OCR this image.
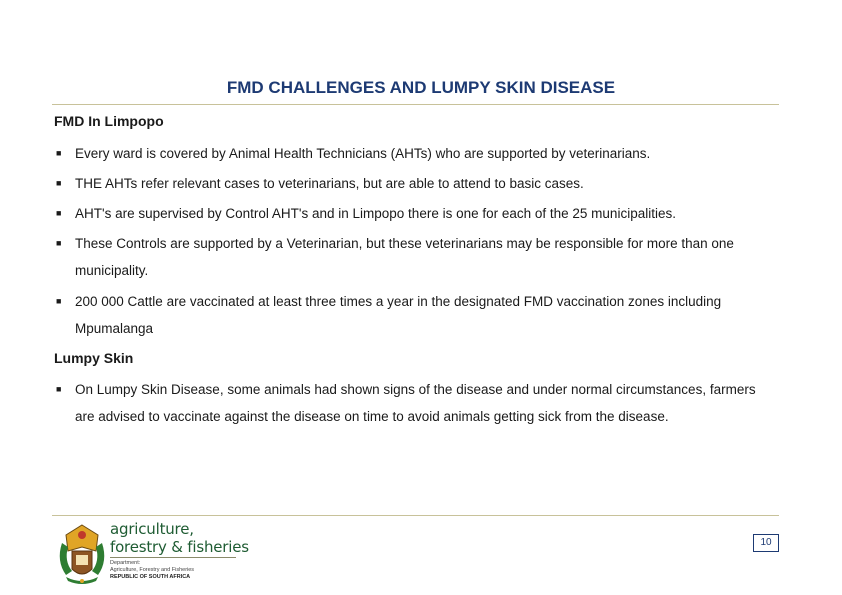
FMD CHALLENGES AND LUMPY SKIN DISEASE
FMD In Limpopo
■ Every ward is covered by Animal Health Technicians (AHTs) who are supported by veterinarians.
■ THE AHTs refer relevant cases to veterinarians, but are able to attend to basic cases.
■ AHT's are supervised by Control AHT's and in Limpopo there is one for each of the 25 municipalities.
■ These Controls are supported by a Veterinarian, but these veterinarians may be responsible for more than one municipality.
■ 200 000 Cattle are vaccinated at least three times a year in the designated FMD vaccination zones including Mpumalanga
Lumpy Skin
■ On Lumpy Skin Disease, some animals had shown signs of the disease and under normal circumstances, farmers are advised to vaccinate against the disease on time to avoid animals getting sick from the disease.
agriculture,
forestry & fisheries
Department:
Agriculture, Forestry and Fisheries
REPUBLIC OF SOUTH AFRICA
10
